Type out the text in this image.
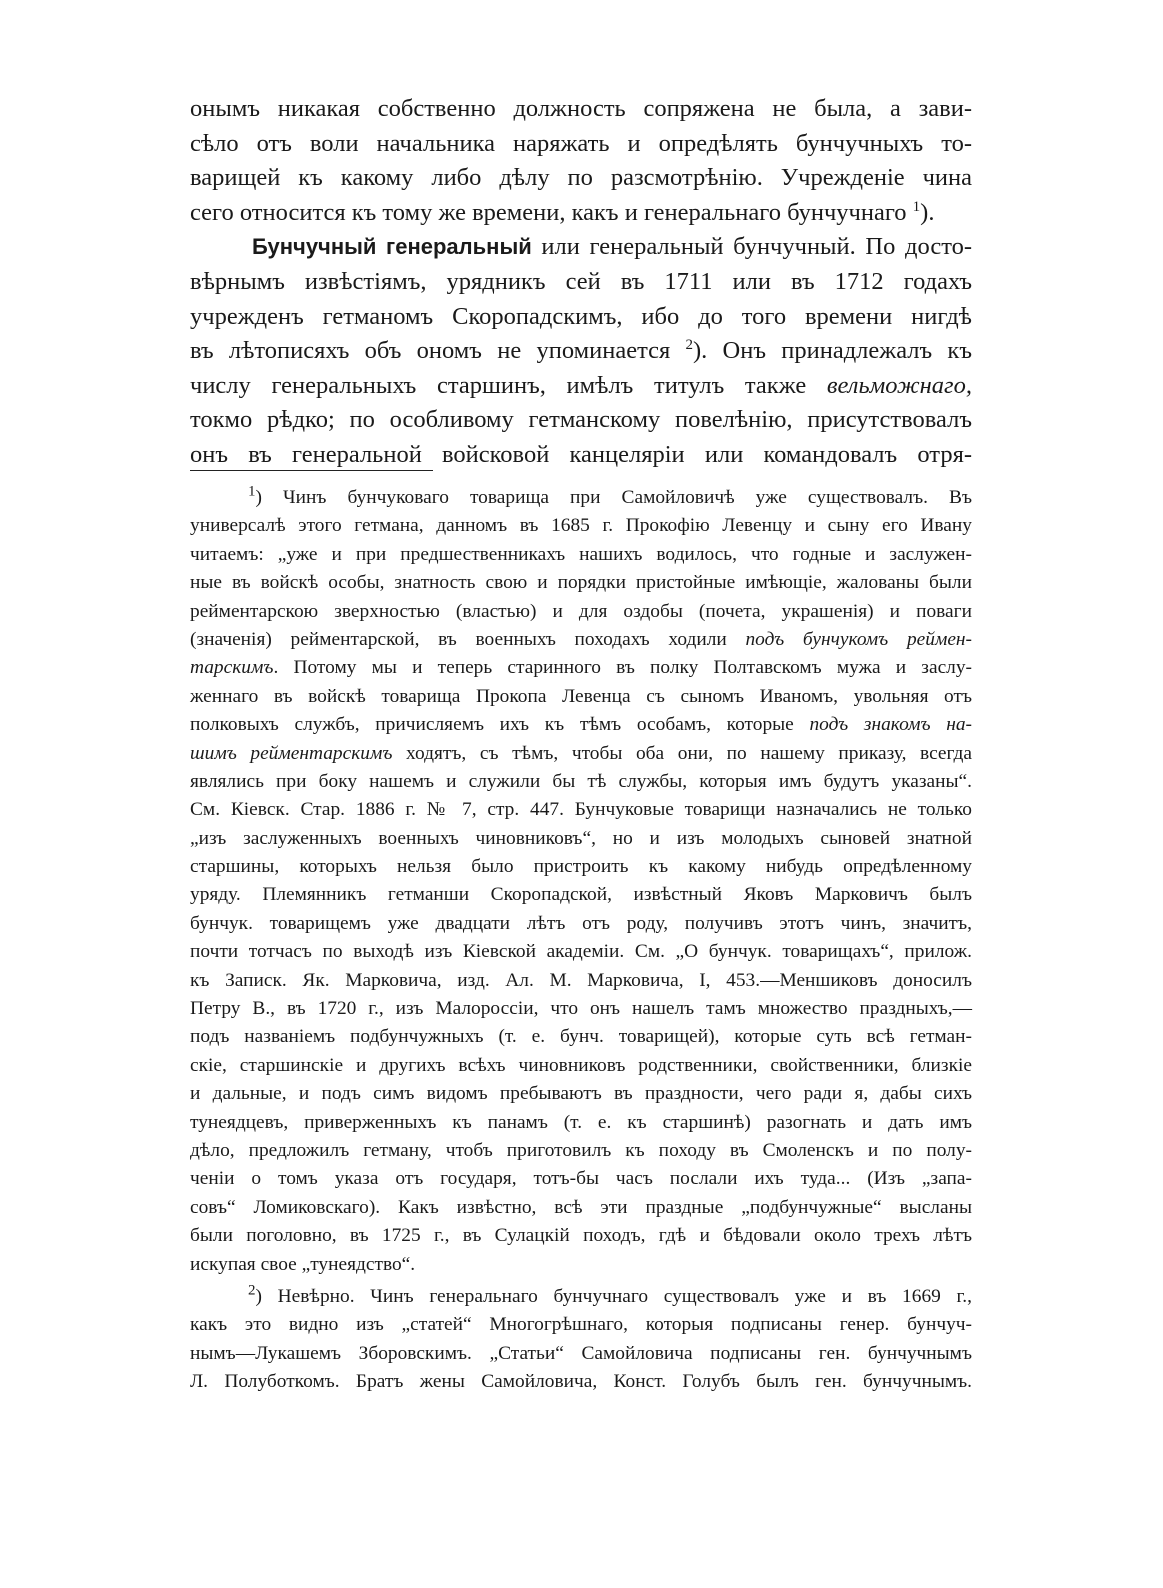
онымъ никакая собственно должность сопряжена не была, а зави-
сѣло отъ воли начальника наряжать и опредѣлять бунчучныхъ то-
варищей къ какому либо дѣлу по разсмотрѣнію. Учрежденіе чина
сего относится къ тому же времени, какъ и генеральнаго бунчучнаго $^1$).
Бунчучный генеральный или генеральный бунчучный. По досто-
вѣрнымъ извѣстіямъ, урядникъ сей въ 1711 или въ 1712 годахъ
учрежденъ гетманомъ Скоропадскимъ, ибо до того времени нигдѣ
въ лѣтописяхъ объ ономъ не упоминается $^2$). Онъ принадлежалъ къ
числу генеральныхъ старшинъ, имѣлъ титулъ также вельможнаго,
токмо рѣдко; по особливому гетманскому повелѣнію, присутствовалъ
онъ въ генеральной войсковой канцеляріи или командовалъ отря-
$^1$) Чинъ бунчуковаго товарища при Самойловичѣ уже существовалъ. Въ
универсалѣ этого гетмана, данномъ въ 1685 г. Прокофію Левенцу и сыну его Ивану
читаемъ: „уже и при предшественникахъ нашихъ водилось, что годные и заслужен-
ные въ войскѣ особы, знатность свою и порядки пристойные имѣющіе, жалованы были
рейментарскою зверхностью (властью) и для оздобы (почета, украшенія) и поваги
(значенія) рейментарской, въ военныхъ походахъ ходили подъ бунчукомъ реймен-
тарскимъ. Потому мы и теперь старинного въ полку Полтавскомъ мужа и заслу-
женнаго въ войскѣ товарища Прокопа Левенца съ сыномъ Иваномъ, увольняя отъ
полковыхъ службъ, причисляемъ ихъ къ тѣмъ особамъ, которые подъ знакомъ на-
шимъ рейментарскимъ ходятъ, съ тѣмъ, чтобы оба они, по нашему приказу, всегда
являлись при боку нашемъ и служили бы тѣ службы, которыя имъ будутъ указаны“.
См. Кіевск. Стар. 1886 г. № 7, стр. 447. Бунчуковые товарищи назначались не только
„изъ заслуженныхъ военныхъ чиновниковъ“, но и изъ молодыхъ сыновей знатной
старшины, которыхъ нельзя было пристроить къ какому нибудь опредѣленному
уряду. Племянникъ гетманши Скоропадской, извѣстный Яковъ Марковичъ былъ
бунчук. товарищемъ уже двадцати лѣтъ отъ роду, получивъ этотъ чинъ, значитъ,
почти тотчасъ по выходѣ изъ Кіевской академіи. См. „О бунчук. товарищахъ“, прилож.
къ Записк. Як. Марковича, изд. Ал. М. Марковича, I, 453.—Меншиковъ доносилъ
Петру В., въ 1720 г., изъ Малороссіи, что онъ нашелъ тамъ множество праздныхъ,—
подъ названіемъ подбунчужныхъ (т. е. бунч. товарищей), которые суть всѣ гетман-
скіе, старшинскіе и другихъ всѣхъ чиновниковъ родственники, свойственники, близкіе
и дальные, и подъ симъ видомъ пребываютъ въ праздности, чего ради я, дабы сихъ
тунеядцевъ, приверженныхъ къ панамъ (т. е. къ старшинѣ) разогнать и дать имъ
дѣло, предложилъ гетману, чтобъ приготовилъ къ походу въ Смоленскъ и по полу-
ченіи о томъ указа отъ государя, тотъ-бы часъ послали ихъ туда... (Изъ „запа-
совъ“ Ломиковскаго). Какъ извѣстно, всѣ эти праздные „подбунчужные“ высланы
были поголовно, въ 1725 г., въ Сулацкій походъ, гдѣ и бѣдовали около трехъ лѣтъ
искупая свое „тунеядство“.
$^2$) Невѣрно. Чинъ генеральнаго бунчучнаго существовалъ уже и въ 1669 г.,
какъ это видно изъ „статей“ Многогрѣшнаго, которыя подписаны генер. бунчуч-
нымъ—Лукашемъ Зборовскимъ. „Статьи“ Самойловича подписаны ген. бунчучнымъ
Л. Полуботкомъ. Братъ жены Самойловича, Конст. Голубъ былъ ген. бунчучнымъ.
